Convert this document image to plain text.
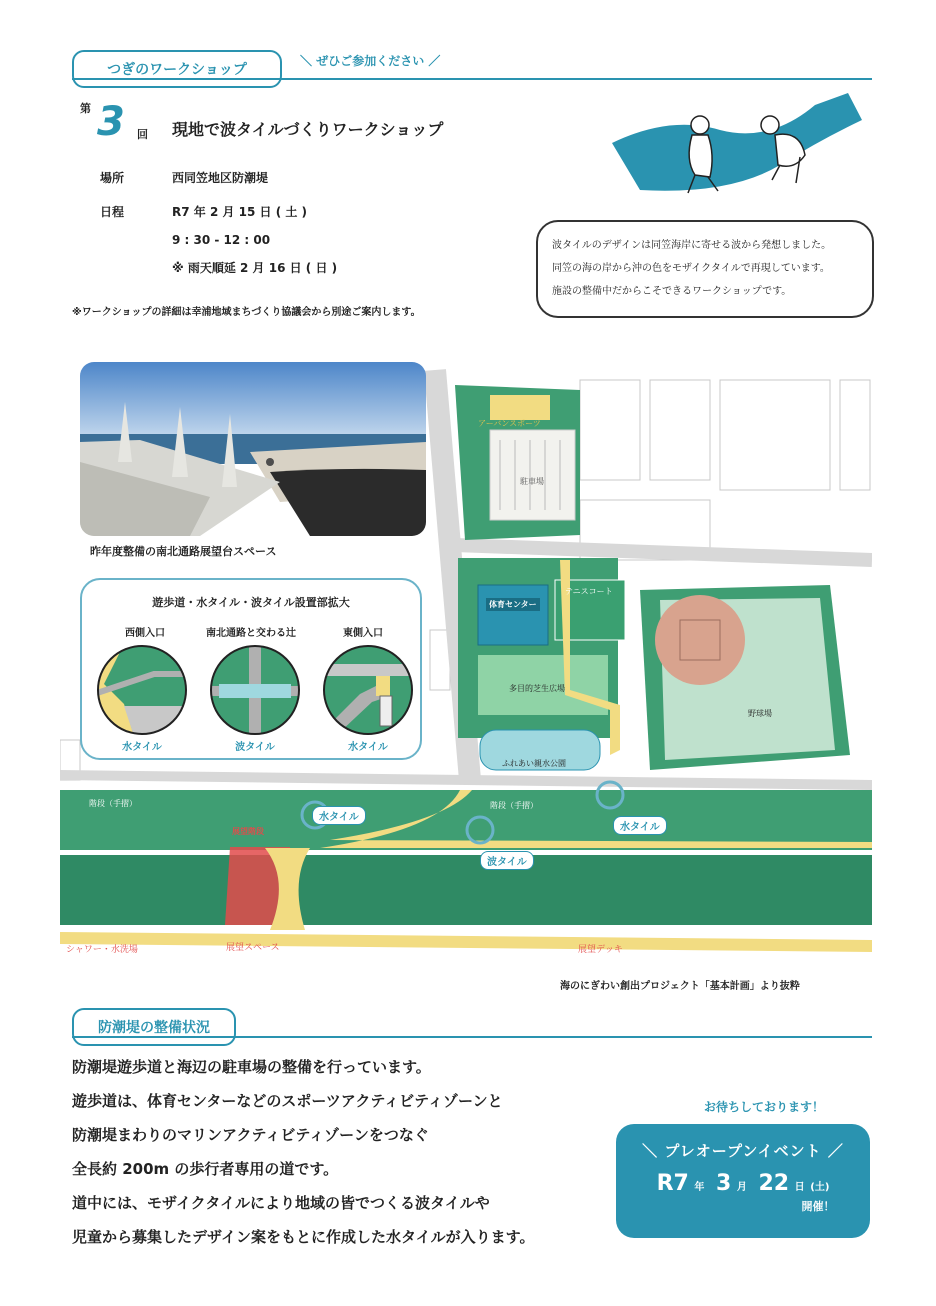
つぎのワークショップ
＼ ぜひご参加ください ／
第 3 回 現地で波タイルづくりワークショップ
場所	西同笠地区防潮堤
日程	R7 年 2 月 15 日 ( 土 )
9 : 30 - 12 : 00
※ 雨天順延 2 月 16 日 ( 日 )
※ワークショップの詳細は幸浦地域まちづくり協議会から別途ご案内します。
波タイルのデザインは同笠海岸に寄せる波から発想しました。
同笠の海の岸から沖の色をモザイクタイルで再現しています。
施設の整備中だからこそできるワークショップです。
体育センター
テニスコート
駐車場
多目的芝生広場
野球場
ふれあい親水公園
階段（手摺）	階段（手摺）
展望階段
アーバンスポーツ
水タイル
水タイル
波タイル
シャワー・水洗場	展望スペース	展望デッキ
昨年度整備の南北通路展望台スペース
遊歩道・水タイル・波タイル設置部拡大
西側入口	南北通路と交わる辻	東側入口
水タイル	波タイル	水タイル
海のにぎわい創出プロジェクト「基本計画」より抜粋
防潮堤の整備状況
防潮堤遊歩道と海辺の駐車場の整備を行っています。
遊歩道は、体育センターなどのスポーツアクティビティゾーンと
防潮堤まわりのマリンアクティビティゾーンをつなぐ
全長約 200m の歩行者専用の道です。
道中には、モザイクタイルにより地域の皆でつくる波タイルや
児童から募集したデザイン案をもとに作成した水タイルが入ります。
お待ちしております！
＼ プレオープンイベント ／
R7 年 3 月 22 日 (土)
開催！
